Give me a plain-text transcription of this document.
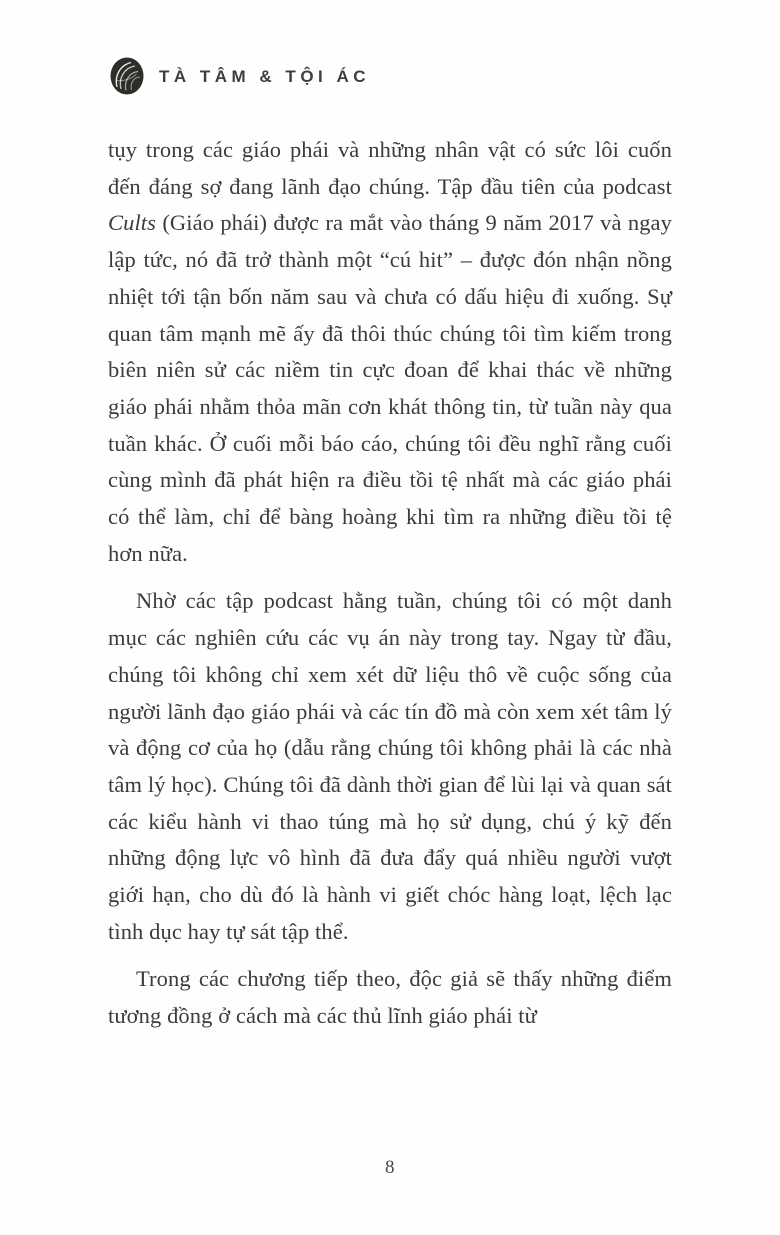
TÀ TÂM & TỘI ÁC

tụy trong các giáo phái và những nhân vật có sức lôi cuốn đến đáng sợ đang lãnh đạo chúng. Tập đầu tiên của podcast Cults (Giáo phái) được ra mắt vào tháng 9 năm 2017 và ngay lập tức, nó đã trở thành một “cú hit” – được đón nhận nồng nhiệt tới tận bốn năm sau và chưa có dấu hiệu đi xuống. Sự quan tâm mạnh mẽ ấy đã thôi thúc chúng tôi tìm kiếm trong biên niên sử các niềm tin cực đoan để khai thác về những giáo phái nhằm thỏa mãn cơn khát thông tin, từ tuần này qua tuần khác. Ở cuối mỗi báo cáo, chúng tôi đều nghĩ rằng cuối cùng mình đã phát hiện ra điều tồi tệ nhất mà các giáo phái có thể làm, chỉ để bàng hoàng khi tìm ra những điều tồi tệ hơn nữa.

Nhờ các tập podcast hằng tuần, chúng tôi có một danh mục các nghiên cứu các vụ án này trong tay. Ngay từ đầu, chúng tôi không chỉ xem xét dữ liệu thô về cuộc sống của người lãnh đạo giáo phái và các tín đồ mà còn xem xét tâm lý và động cơ của họ (dẫu rằng chúng tôi không phải là các nhà tâm lý học). Chúng tôi đã dành thời gian để lùi lại và quan sát các kiểu hành vi thao túng mà họ sử dụng, chú ý kỹ đến những động lực vô hình đã đưa đẩy quá nhiều người vượt giới hạn, cho dù đó là hành vi giết chóc hàng loạt, lệch lạc tình dục hay tự sát tập thể.

Trong các chương tiếp theo, độc giả sẽ thấy những điểm tương đồng ở cách mà các thủ lĩnh giáo phái từ

8
